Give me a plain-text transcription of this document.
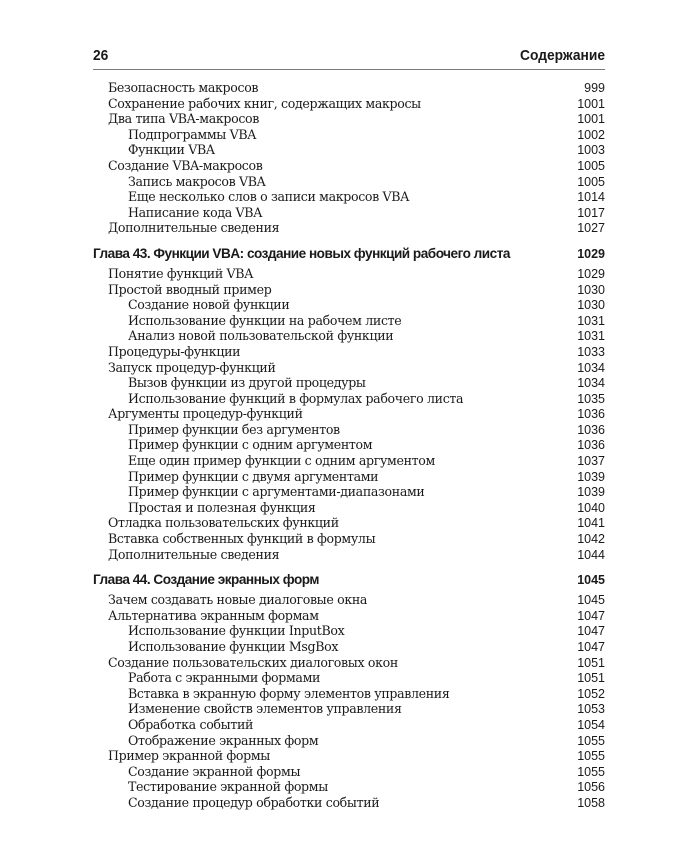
26	Содержание
Безопасность макросов	999
Сохранение рабочих книг, содержащих макросы	1001
Два типа VBA-макросов	1001
Подпрограммы VBA	1002
Функции VBA	1003
Создание VBA-макросов	1005
Запись макросов VBA	1005
Еще несколько слов о записи макросов VBA	1014
Написание кода VBA	1017
Дополнительные сведения	1027
Глава 43. Функции VBA: создание новых функций рабочего листа	1029
Понятие функций VBA	1029
Простой вводный пример	1030
Создание новой функции	1030
Использование функции на рабочем листе	1031
Анализ новой пользовательской функции	1031
Процедуры-функции	1033
Запуск процедур-функций	1034
Вызов функции из другой процедуры	1034
Использование функций в формулах рабочего листа	1035
Аргументы процедур-функций	1036
Пример функции без аргументов	1036
Пример функции с одним аргументом	1036
Еще один пример функции с одним аргументом	1037
Пример функции с двумя аргументами	1039
Пример функции с аргументами-диапазонами	1039
Простая и полезная функция	1040
Отладка пользовательских функций	1041
Вставка собственных функций в формулы	1042
Дополнительные сведения	1044
Глава 44. Создание экранных форм	1045
Зачем создавать новые диалоговые окна	1045
Альтернатива экранным формам	1047
Использование функции InputBox	1047
Использование функции MsgBox	1047
Создание пользовательских диалоговых окон	1051
Работа с экранными формами	1051
Вставка в экранную форму элементов управления	1052
Изменение свойств элементов управления	1053
Обработка событий	1054
Отображение экранных форм	1055
Пример экранной формы	1055
Создание экранной формы	1055
Тестирование экранной формы	1056
Создание процедур обработки событий	1058
